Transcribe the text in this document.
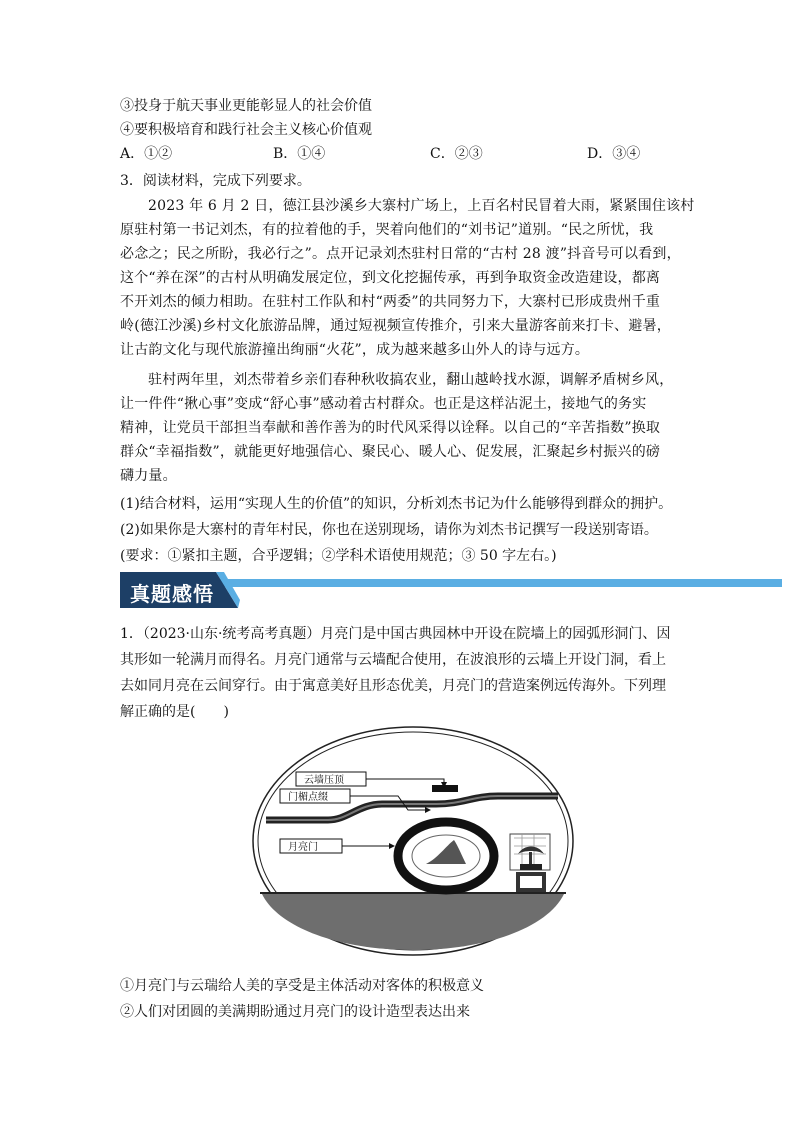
③投身于航天事业更能彰显人的社会价值
④要积极培育和践行社会主义核心价值观
A．①②	B．①④	C．②③	D．③④
3．阅读材料，完成下列要求。
2023 年 6 月 2 日，德江县沙溪乡大寨村广场上，上百名村民冒着大雨，紧紧围住该村
原驻村第一书记刘杰，有的拉着他的手，哭着向他们的“刘书记”道别。“民之所忧，我
必念之；民之所盼，我必行之”。点开记录刘杰驻村日常的“古村 28 渡”抖音号可以看到，
这个“养在深”的古村从明确发展定位，到文化挖掘传承，再到争取资金改造建设，都离
不开刘杰的倾力相助。在驻村工作队和村“两委”的共同努力下，大寨村已形成贵州千重
岭(德江沙溪)乡村文化旅游品牌，通过短视频宣传推介，引来大量游客前来打卡、避暑，
让古韵文化与现代旅游撞出绚丽“火花”，成为越来越多山外人的诗与远方。
驻村两年里，刘杰带着乡亲们春种秋收搞农业，翻山越岭找水源，调解矛盾树乡风，
让一件件“揪心事”变成“舒心事”感动着古村群众。也正是这样沾泥土，接地气的务实
精神，让党员干部担当奉献和善作善为的时代风采得以诠释。以自己的“辛苦指数”换取
群众“幸福指数”，就能更好地强信心、聚民心、暖人心、促发展，汇聚起乡村振兴的磅
礴力量。
(1)结合材料，运用“实现人生的价值”的知识，分析刘杰书记为什么能够得到群众的拥护。
(2)如果你是大寨村的青年村民，你也在送别现场，请你为刘杰书记撰写一段送别寄语。
(要求：①紧扣主题，合乎逻辑；②学科术语使用规范；③ 50 字左右。)
真题感悟
1．（2023·山东·统考高考真题）月亮门是中国古典园林中开设在院墙上的园弧形洞门、因
其形如一轮满月而得名。月亮门通常与云墙配合使用，在波浪形的云墙上开设门洞，看上
去如同月亮在云间穿行。由于寓意美好且形态优美，月亮门的营造案例远传海外。下列理
解正确的是(　　)
云墙压顶
门楣点缀
月亮门
①月亮门与云瑞给人美的享受是主体活动对客体的积极意义
②人们对团圆的美满期盼通过月亮门的设计造型表达出来
